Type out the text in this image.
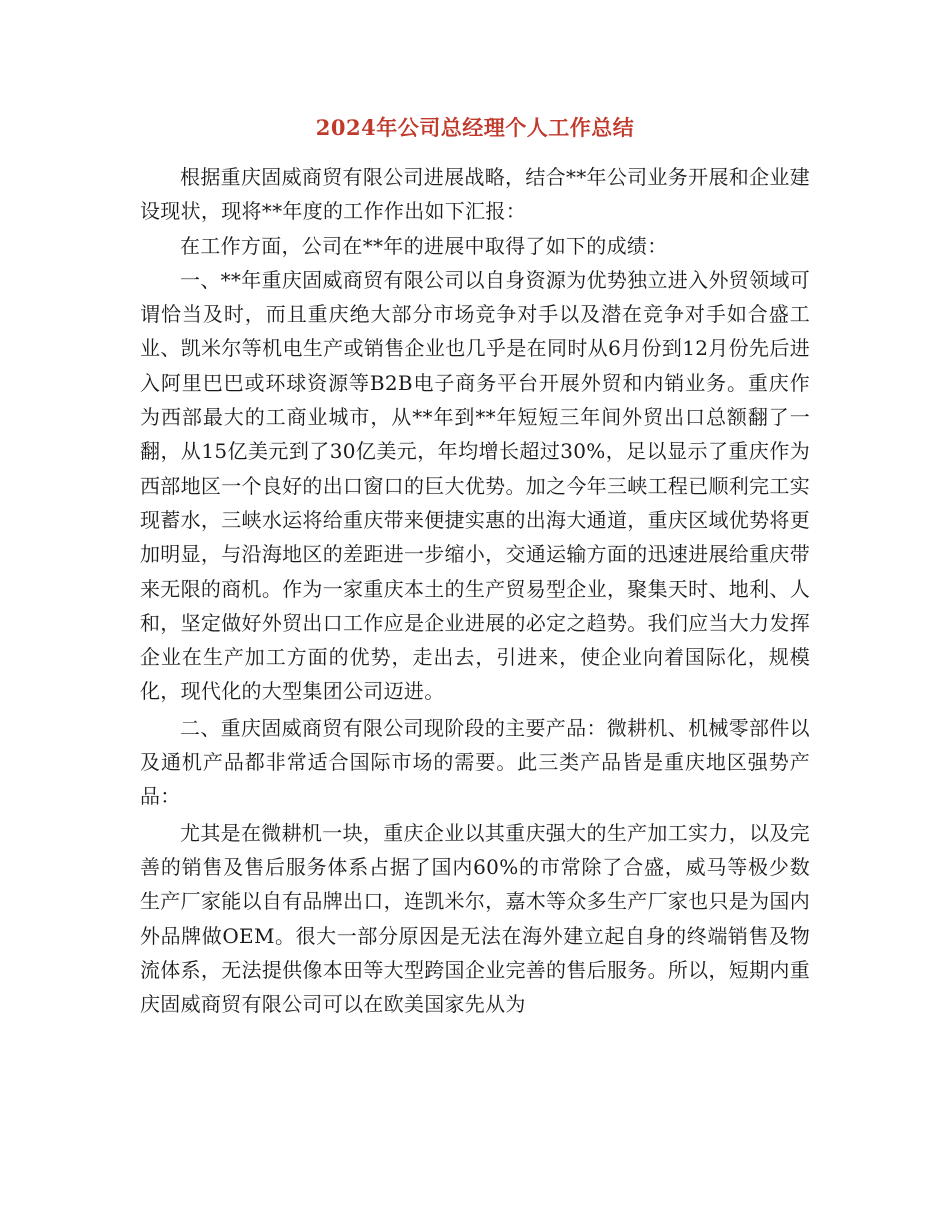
2024年公司总经理个人工作总结

根据重庆固威商贸有限公司进展战略，结合**年公司业务开展和企业建设现状，现将**年度的工作作出如下汇报：

在工作方面，公司在**年的进展中取得了如下的成绩：

一、**年重庆固威商贸有限公司以自身资源为优势独立进入外贸领域可谓恰当及时，而且重庆绝大部分市场竞争对手以及潜在竞争对手如合盛工业、凯米尔等机电生产或销售企业也几乎是在同时从6月份到12月份先后进入阿里巴巴或环球资源等B2B电子商务平台开展外贸和内销业务。重庆作为西部最大的工商业城市，从**年到**年短短三年间外贸出口总额翻了一翻，从15亿美元到了30亿美元，年均增长超过30%，足以显示了重庆作为西部地区一个良好的出口窗口的巨大优势。加之今年三峡工程已顺利完工实现蓄水，三峡水运将给重庆带来便捷实惠的出海大通道，重庆区域优势将更加明显，与沿海地区的差距进一步缩小，交通运输方面的迅速进展给重庆带来无限的商机。作为一家重庆本土的生产贸易型企业，聚集天时、地利、人和，坚定做好外贸出口工作应是企业进展的必定之趋势。我们应当大力发挥企业在生产加工方面的优势，走出去，引进来，使企业向着国际化，规模化，现代化的大型集团公司迈进。

二、重庆固威商贸有限公司现阶段的主要产品：微耕机、机械零部件以及通机产品都非常适合国际市场的需要。此三类产品皆是重庆地区强势产品：

尤其是在微耕机一块，重庆企业以其重庆强大的生产加工实力，以及完善的销售及售后服务体系占据了国内60%的市常除了合盛，威马等极少数生产厂家能以自有品牌出口，连凯米尔，嘉木等众多生产厂家也只是为国内外品牌做OEM。很大一部分原因是无法在海外建立起自身的终端销售及物流体系，无法提供像本田等大型跨国企业完善的售后服务。所以，短期内重庆固威商贸有限公司可以在欧美国家先从为
